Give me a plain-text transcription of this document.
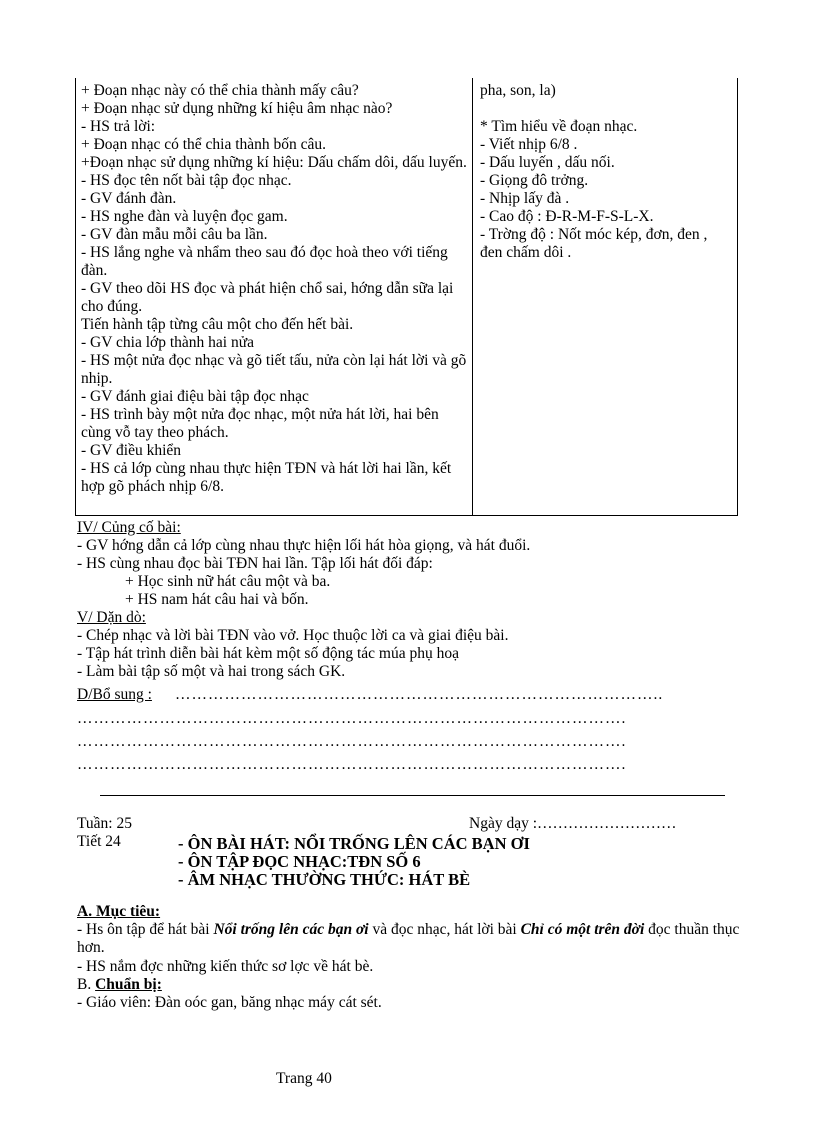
+ Đoạn nhạc này có thể chia thành mấy câu?
+ Đoạn nhạc sử dụng những kí hiệu âm nhạc nào?
- HS trả lời:
+ Đoạn nhạc có thể chia thành bốn câu.
+Đoạn nhạc sử dụng những kí hiệu: Dấu chấm dôi, dấu luyến.
- HS đọc tên nốt bài tập đọc nhạc.
- GV đánh đàn.
- HS nghe đàn và luyện đọc gam.
- GV đàn mẫu mỗi câu ba lần.
- HS lắng nghe và nhẩm theo sau đó đọc hoà theo với tiếng đàn.
- GV theo dõi HS đọc và phát hiện chổ sai, hớng dẫn sữa lại cho đúng.
Tiến hành tập từng câu một cho đến hết bài.
- GV chia lớp thành hai nửa
- HS một nửa đọc nhạc và gõ tiết tấu, nửa còn lại hát lời và gõ nhịp.
- GV đánh giai điệu bài tập đọc nhạc
- HS trình bày một nửa đọc nhạc, một nửa hát lời, hai bên cùng vỗ tay theo phách.
- GV điều khiển
- HS cả lớp cùng nhau thực hiện TĐN và hát lời hai lần, kết hợp gõ phách nhịp 6/8.
pha, son, la)
* Tìm hiểu về đoạn nhạc.
- Viết nhịp 6/8 .
- Dấu luyến , dấu nối.
- Giọng đô trởng.
- Nhịp lấy đà .
- Cao độ : Đ-R-M-F-S-L-X.
- Trờng độ : Nốt móc kép, đơn, đen , đen chấm dôi .
IV/ Củng cố bài:
- GV hớng dẫn cả lớp cùng nhau thực hiện lối hát hòa giọng, và hát đuổi.
- HS cùng nhau đọc bài TĐN hai lần. Tập lối hát đối đáp:
+ Học sinh nữ hát câu một và ba.
+ HS nam hát câu hai và bốn.
V/ Dặn dò:
- Chép nhạc và lời bài TĐN vào vở. Học thuộc lời ca và giai điệu bài.
- Tập hát trình diễn bài hát kèm một số động tác múa phụ hoạ
- Làm bài tập số một và hai trong sách GK.
D/Bổ sung : ……………………………………………………………………………..
……………………………………………………………………………………….
……………………………………………………………………………………….
……………………………………………………………………………………….
Tuần: 25
Tiết 24
Ngày dạy :………………………
- ÔN BÀI HÁT: NỔI TRỐNG LÊN CÁC BẠN ƠI
- ÔN TẬP ĐỌC NHẠC:TĐN SỐ 6
- ÂM NHẠC THƯỜNG THỨC: HÁT BÈ
A. Mục tiêu:
- Hs ôn tập để hát bài Nổi trống lên các bạn ơi và đọc nhạc, hát lời bài Chỉ có một trên đời đọc thuần thục hơn.
- HS nắm đợc những kiến thức sơ lợc về hát bè.
B. Chuẩn bị:
- Giáo viên: Đàn oóc gan, băng nhạc máy cát sét.
Trang 40
